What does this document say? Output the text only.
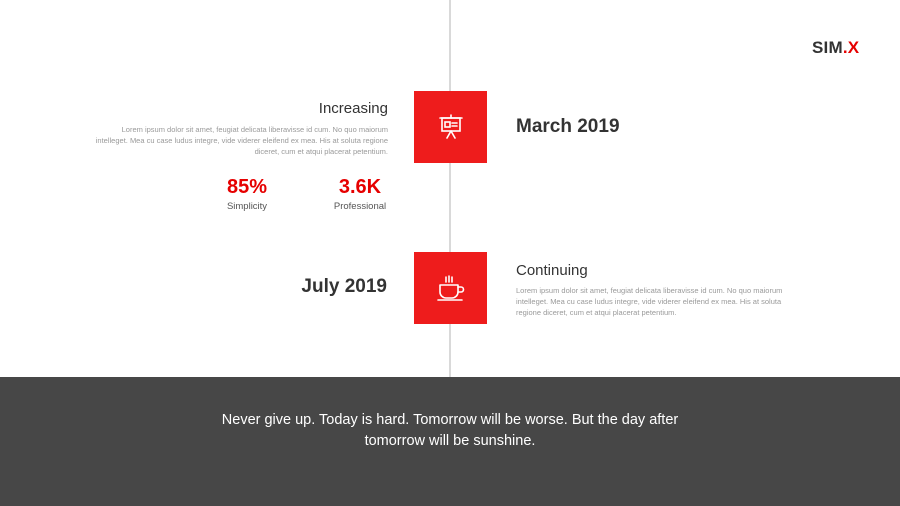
SIM.X
Increasing
Lorem ipsum dolor sit amet, feugiat delicata liberavisse id cum. No quo maiorum intelleget. Mea cu case ludus integre, vide viderer eleifend ex mea. His at soluta regione diceret, cum et atqui placerat petentium.
85%
Simplicity
3.6K
Professional
March 2019
July 2019
Continuing
Lorem ipsum dolor sit amet, feugiat delicata liberavisse id cum. No quo maiorum intelleget. Mea cu case ludus integre, vide viderer eleifend ex mea. His at soluta regione diceret, cum et atqui placerat petentium.
Never give up. Today is hard. Tomorrow will be worse. But the day after tomorrow will be sunshine.
